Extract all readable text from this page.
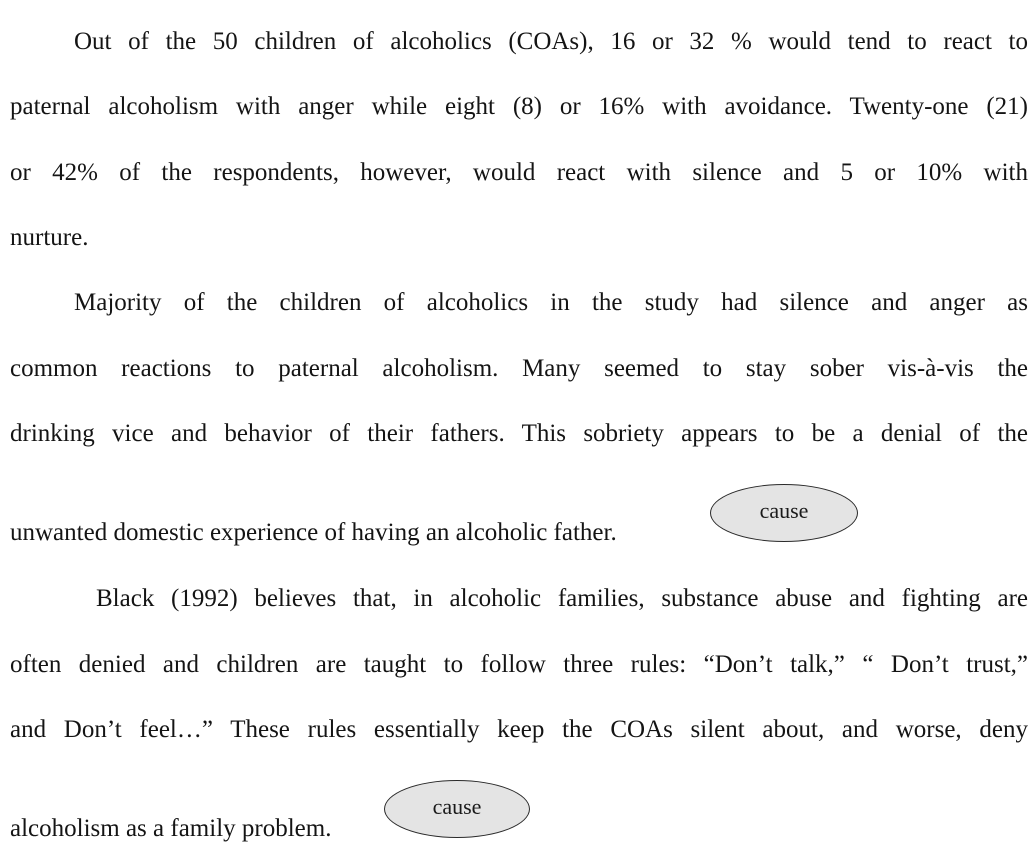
Out of the 50 children of alcoholics (COAs), 16 or 32 % would tend to react to
paternal alcoholism with anger while eight (8) or 16% with avoidance. Twenty-one (21)
or 42% of the respondents, however, would react with silence and 5 or 10% with
nurture.
Majority of the children of alcoholics in the study had silence and anger as
common reactions to paternal alcoholism. Many seemed to stay sober vis-à-vis the
drinking vice and behavior of their fathers. This sobriety appears to be a denial of the
unwanted domestic experience of having an alcoholic father.
cause
Black (1992) believes that, in alcoholic families, substance abuse and fighting are
often denied and children are taught to follow three rules: “Don’t talk,” “ Don’t trust,”
and Don’t feel…” These rules essentially keep the COAs silent about, and worse, deny
alcoholism as a family problem.
cause
